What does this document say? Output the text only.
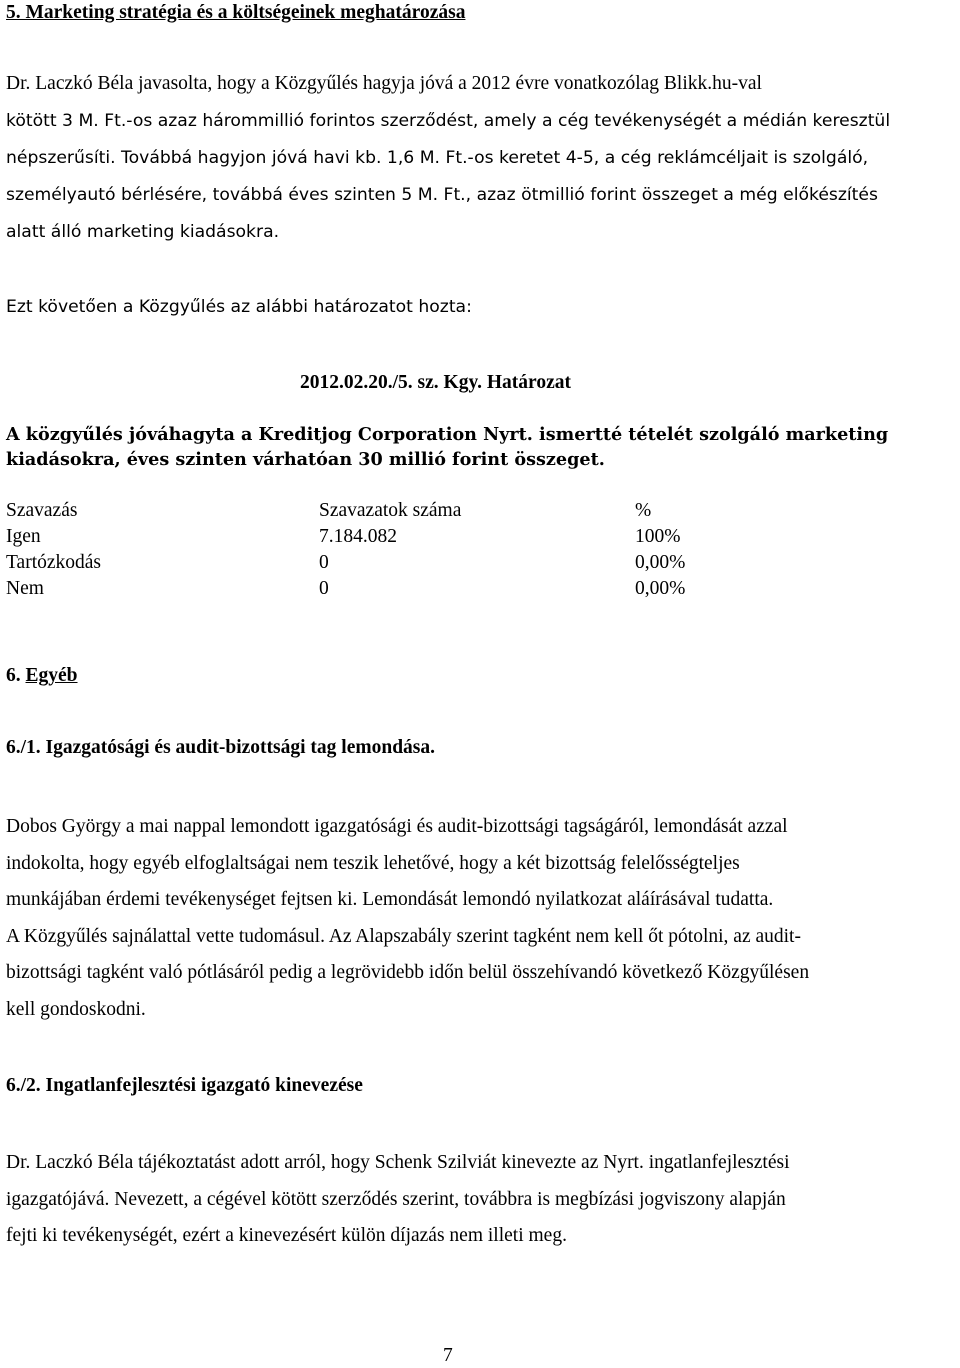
5. Marketing stratégia és a költségeinek meghatározása
Dr. Laczkó Béla javasolta, hogy a Közgyűlés hagyja jóvá a 2012 évre vonatkozólag Blikk.hu-val
kötött 3 M. Ft.-os azaz hárommillió forintos szerződést, amely a cég tevékenységét a médián keresztül
népszerűsíti. Továbbá hagyjon jóvá havi kb. 1,6 M. Ft.-os keretet 4-5, a cég reklámcéljait is szolgáló,
személyautó bérlésére, továbbá éves szinten 5 M. Ft., azaz ötmillió forint összeget a még előkészítés
alatt álló marketing kiadásokra.
Ezt követően a Közgyűlés az alábbi határozatot hozta:
2012.02.20./5. sz. Kgy. Határozat
A közgyűlés jóváhagyta a Kreditjog Corporation Nyrt. ismertté tételét szolgáló marketing
kiadásokra, éves szinten várhatóan 30 millió forint összeget.
Szavazás	Szavazatok száma	%
Igen	7.184.082	100%
Tartózkodás	0	0,00%
Nem	0	0,00%
6. Egyéb
6./1. Igazgatósági és audit-bizottsági tag lemondása.
Dobos György a mai nappal lemondott igazgatósági és audit-bizottsági tagságáról, lemondását azzal
indokolta, hogy egyéb elfoglaltságai nem teszik lehetővé, hogy a két bizottság felelősségteljes
munkájában érdemi tevékenységet fejtsen ki. Lemondását lemondó nyilatkozat aláírásával tudatta.
A Közgyűlés sajnálattal vette tudomásul. Az Alapszabály szerint tagként nem kell őt pótolni, az audit-
bizottsági tagként való pótlásáról pedig a legrövidebb időn belül összehívandó következő Közgyűlésen
kell gondoskodni.
6./2. Ingatlanfejlesztési igazgató kinevezése
Dr. Laczkó Béla tájékoztatást adott arról, hogy Schenk Szilviát kinevezte az Nyrt. ingatlanfejlesztési
igazgatójává. Nevezett, a cégével kötött szerződés szerint, továbbra is megbízási jogviszony alapján
fejti ki tevékenységét, ezért a kinevezésért külön díjazás nem illeti meg.
7
